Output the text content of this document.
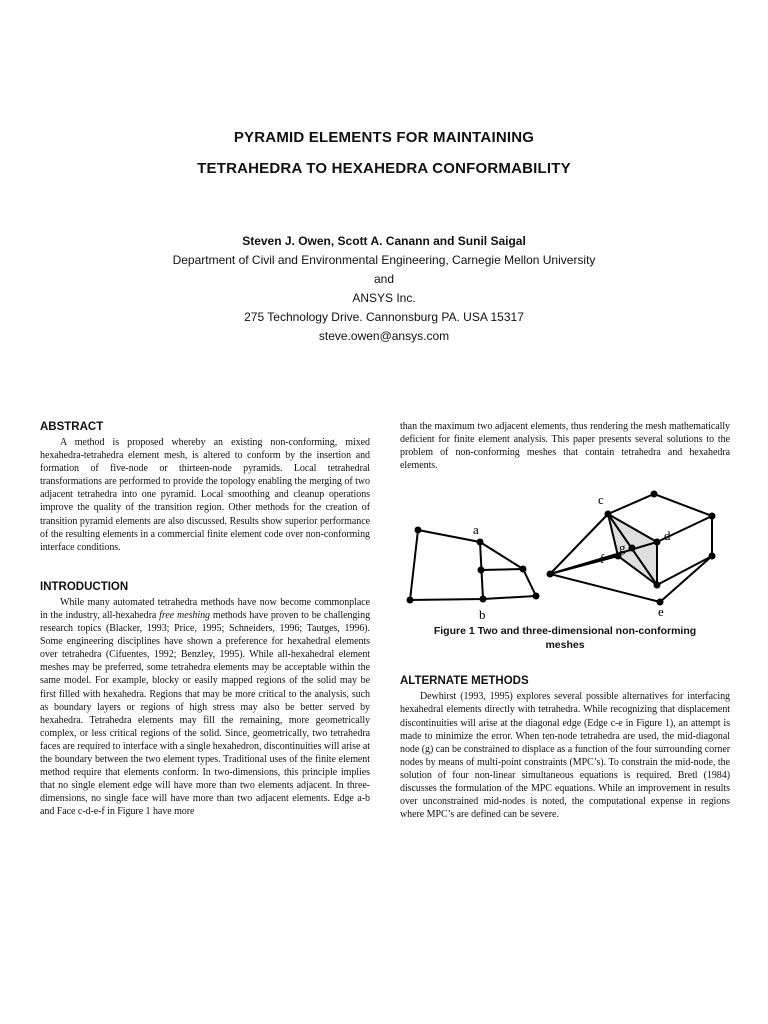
PYRAMID ELEMENTS FOR MAINTAINING

TETRAHEDRA TO HEXAHEDRA CONFORMABILITY

Steven J. Owen, Scott A. Canann and Sunil Saigal
Department of Civil and Environmental Engineering, Carnegie Mellon University
and
ANSYS Inc.
275 Technology Drive. Cannonsburg PA. USA 15317
steve.owen@ansys.com
ABSTRACT

A method is proposed whereby an existing non-conforming, mixed hexahedra-tetrahedra element mesh, is altered to conform by the insertion and formation of five-node or thirteen-node pyramids. Local tetrahedral transformations are performed to provide the topology enabling the merging of two adjacent tetrahedra into one pyramid. Local smoothing and cleanup operations improve the quality of the transition region. Other methods for the creation of transition pyramid elements are also discussed. Results show superior performance of the resulting elements in a commercial finite element code over non-conforming interface conditions.

INTRODUCTION

While many automated tetrahedra methods have now become commonplace in the industry, all-hexahedra free meshing methods have proven to be challenging research topics (Blacker, 1993; Price, 1995; Schneiders, 1996; Tautges, 1996). Some engineering disciplines have shown a preference for hexahedral elements over tetrahedra (Cifuentes, 1992; Benzley, 1995). While all-hexahedral element meshes may be preferred, some tetrahedra elements may be acceptable within the same model. For example, blocky or easily mapped regions of the solid may be first filled with hexahedra. Regions that may be more critical to the analysis, such as boundary layers or regions of high stress may also be better served by hexahedra. Tetrahedra elements may fill the remaining, more geometrically complex, or less critical regions of the solid. Since, geometrically, two tetrahedra faces are required to interface with a single hexahedron, discontinuities will arise at the boundary between the two element types. Traditional uses of the finite element method require that elements conform. In two-dimensions, this principle implies that no single element edge will have more than two elements adjacent. In three-dimensions, no single face will have more than two adjacent elements. Edge a-b and Face c-d-e-f in Figure 1 have more

than the maximum two adjacent elements, thus rendering the mesh mathematically deficient for finite element analysis. This paper presents several solutions to the problem of non-conforming meshes that contain tetrahedra and hexahedra elements.

a
b
c
d
e
f
g
Figure 1 Two and three-dimensional non-conforming
meshes
ALTERNATE METHODS

Dewhirst (1993, 1995) explores several possible alternatives for interfacing hexahedral elements directly with tetrahedra. While recognizing that displacement discontinuities will arise at the diagonal edge (Edge c-e in Figure 1), an attempt is made to minimize the error. When ten-node tetrahedra are used, the mid-diagonal node (g) can be constrained to displace as a function of the four surrounding corner nodes by means of multi-point constraints (MPC’s). To constrain the mid-node, the solution of four non-linear simultaneous equations is required. Bretl (1984) discusses the formulation of the MPC equations. While an improvement in results over unconstrained mid-nodes is noted, the computational expense in regions where MPC’s are defined can be severe.
